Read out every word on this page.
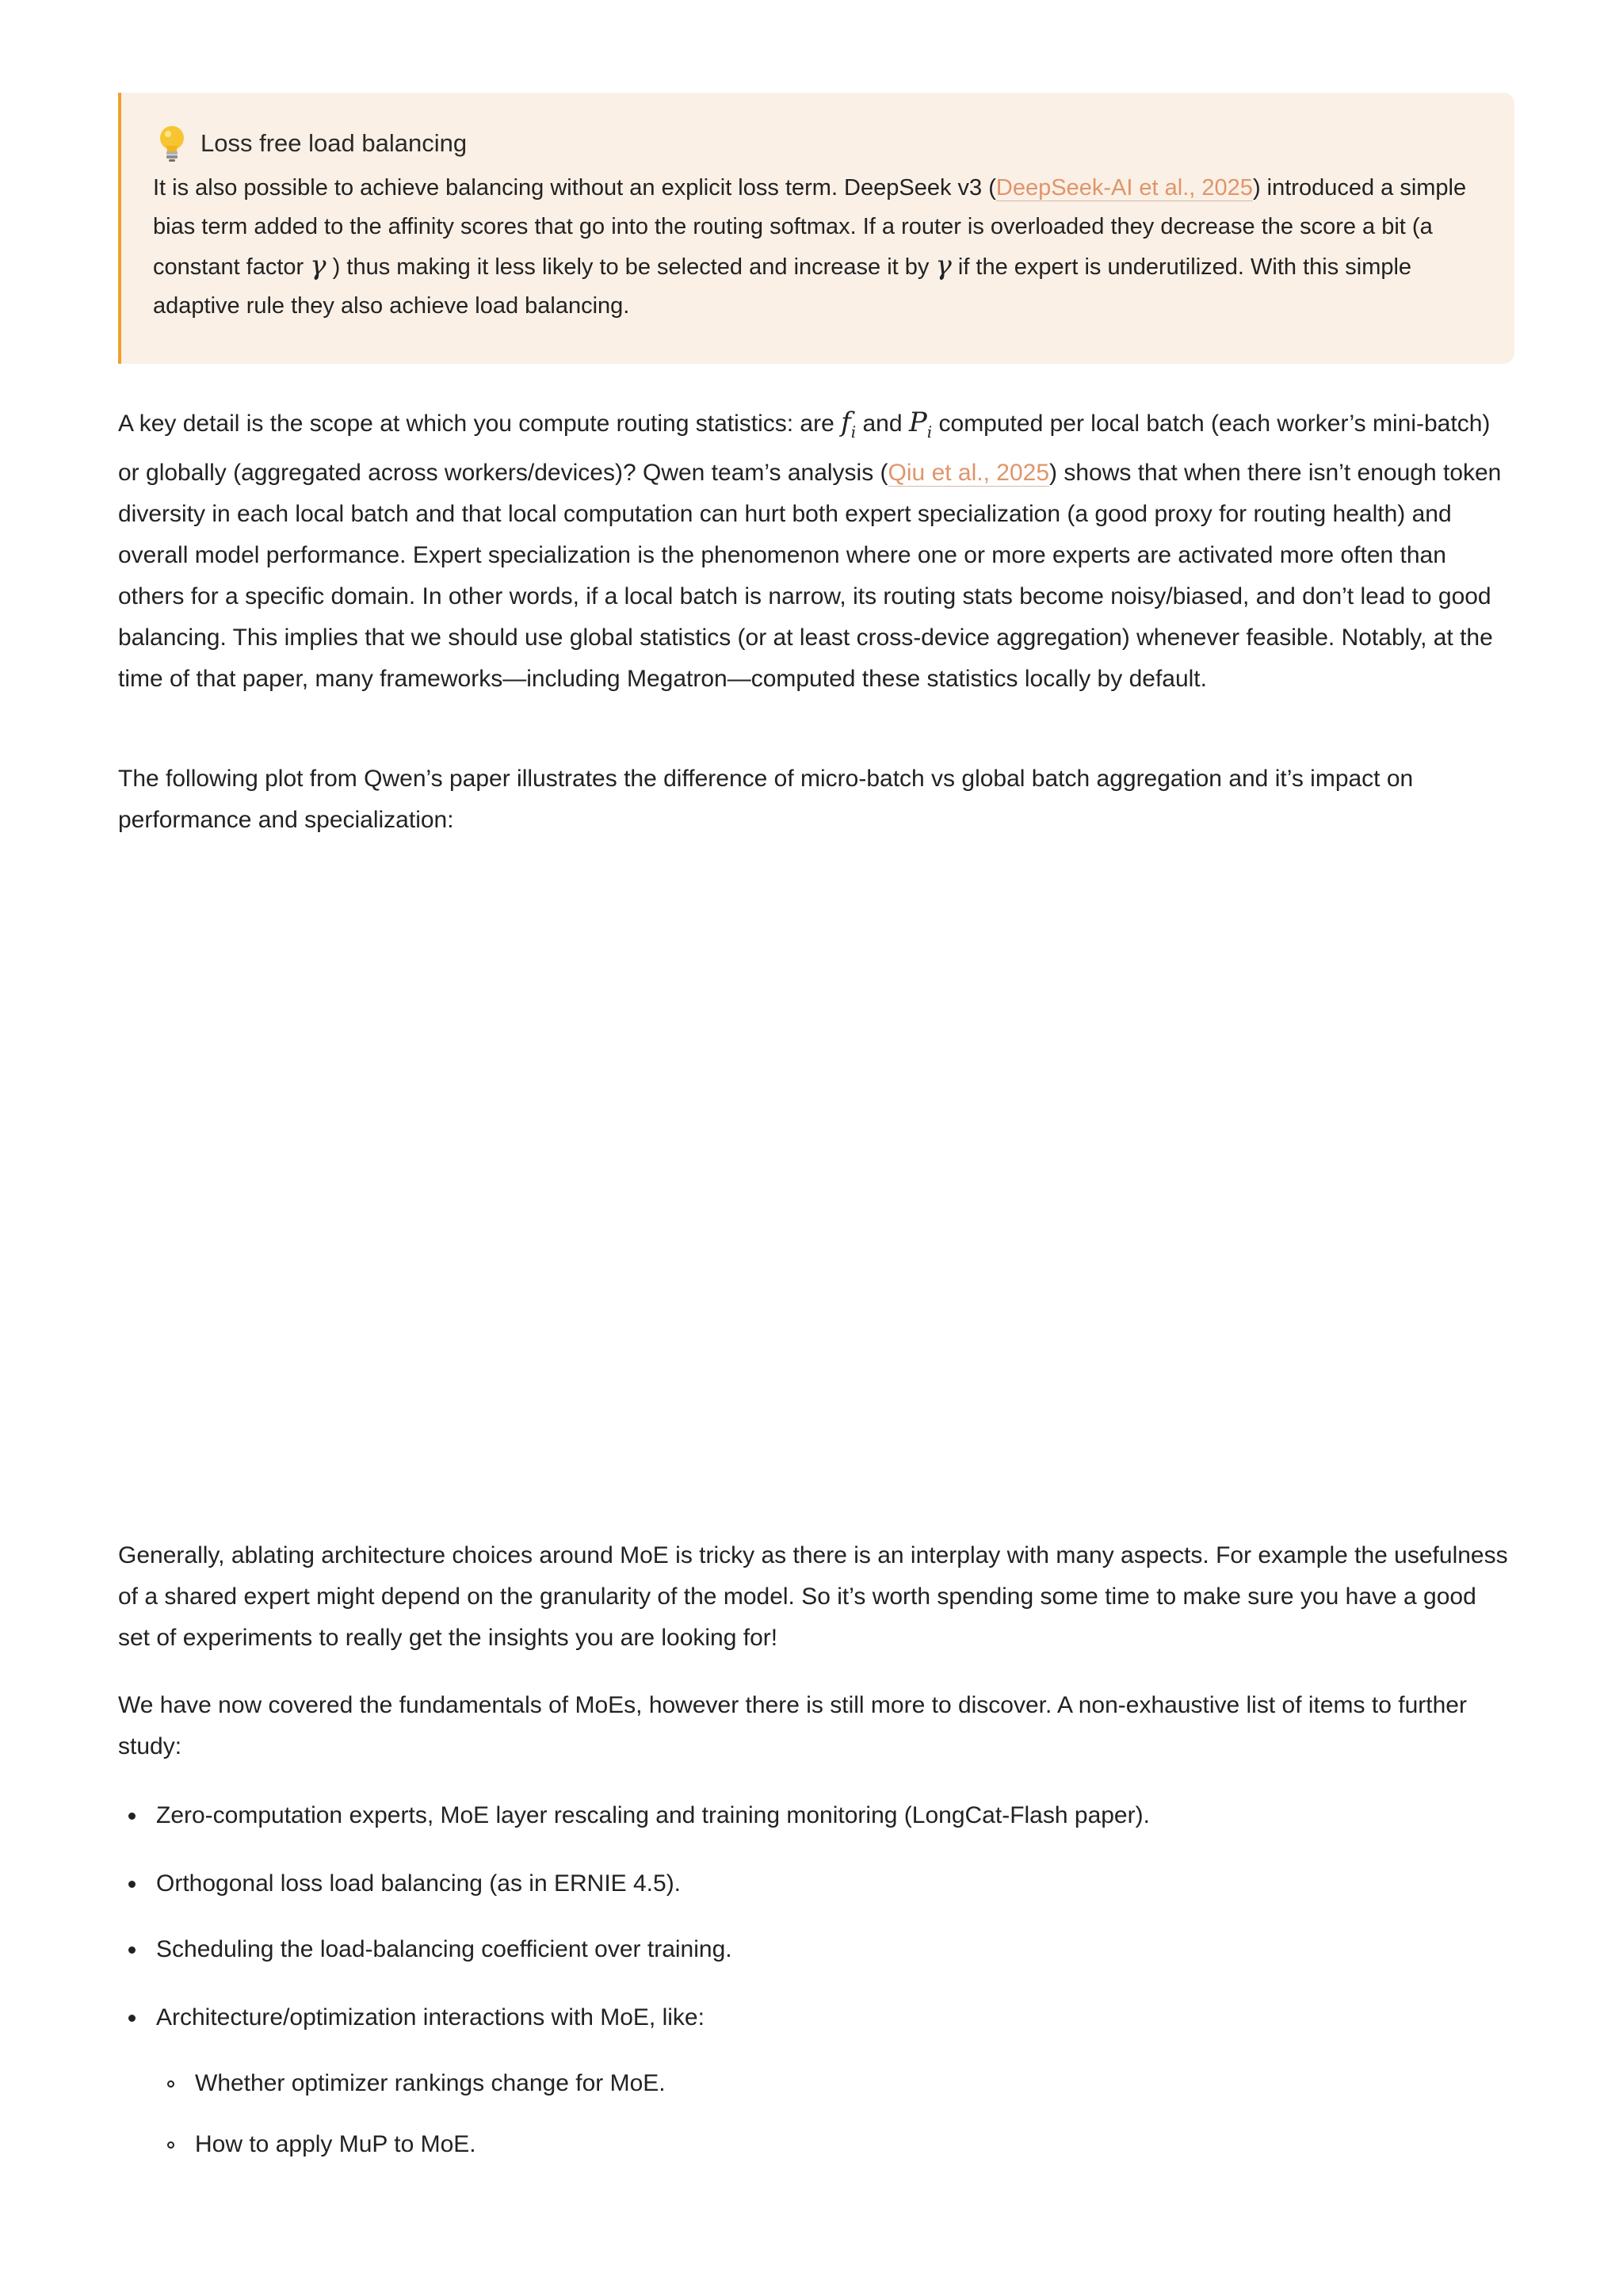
Loss free load balancing
It is also possible to achieve balancing without an explicit loss term. DeepSeek v3 (DeepSeek-AI et al., 2025) introduced a simple bias term added to the affinity scores that go into the routing softmax. If a router is overloaded they decrease the score a bit (a constant factor γ ) thus making it less likely to be selected and increase it by γ if the expert is underutilized. With this simple adaptive rule they also achieve load balancing.

A key detail is the scope at which you compute routing statistics: are $f_i$ and $P_i$ computed per local batch (each worker’s mini-batch) or globally (aggregated across workers/devices)? Qwen team’s analysis (Qiu et al., 2025) shows that when there isn’t enough token diversity in each local batch and that local computation can hurt both expert specialization (a good proxy for routing health) and overall model performance. Expert specialization is the phenomenon where one or more experts are activated more often than others for a specific domain. In other words, if a local batch is narrow, its routing stats become noisy/biased, and don’t lead to good balancing. This implies that we should use global statistics (or at least cross-device aggregation) whenever feasible. Notably, at the time of that paper, many frameworks—including Megatron—computed these statistics locally by default.

The following plot from Qwen’s paper illustrates the difference of micro-batch vs global batch aggregation and it’s impact on performance and specialization:

Generally, ablating architecture choices around MoE is tricky as there is an interplay with many aspects. For example the usefulness of a shared expert might depend on the granularity of the model. So it’s worth spending some time to make sure you have a good set of experiments to really get the insights you are looking for!

We have now covered the fundamentals of MoEs, however there is still more to discover. A non-exhaustive list of items to further study:

Zero-computation experts, MoE layer rescaling and training monitoring (LongCat-Flash paper).
Orthogonal loss load balancing (as in ERNIE 4.5).
Scheduling the load-balancing coefficient over training.
Architecture/optimization interactions with MoE, like:
Whether optimizer rankings change for MoE.
How to apply MuP to MoE.
